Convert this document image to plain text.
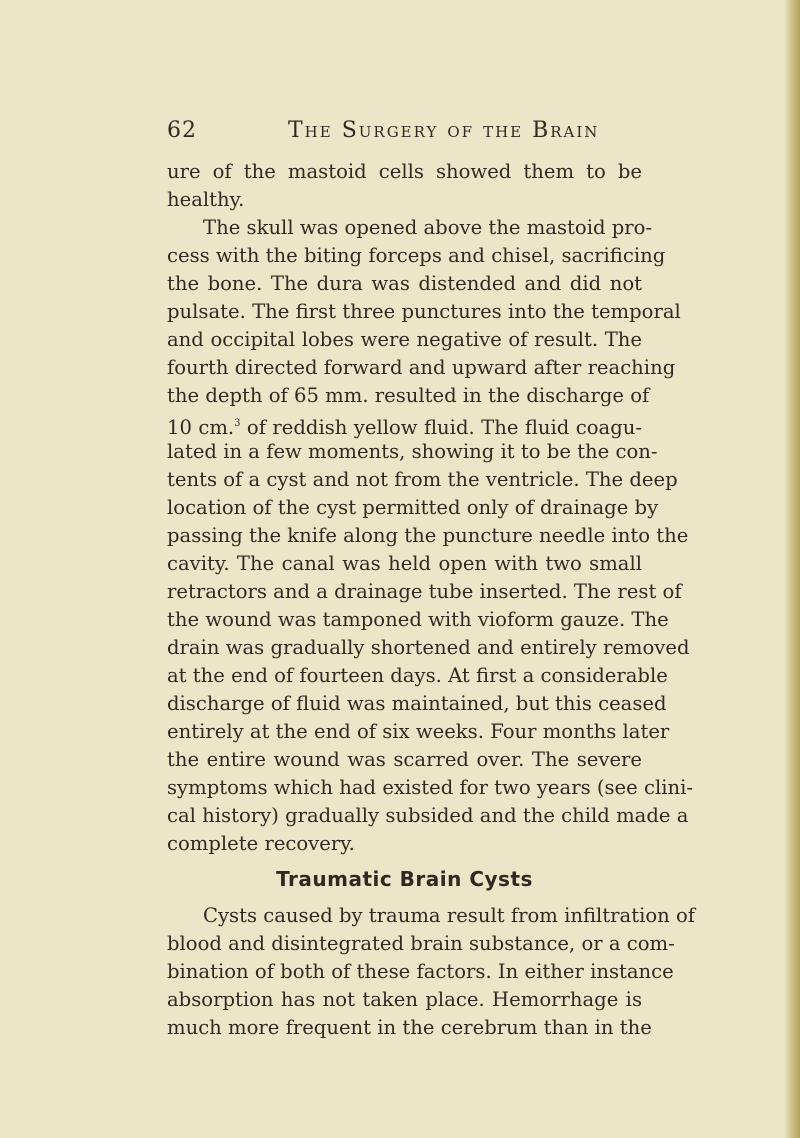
62	The Surgery of the Brain
ure of the mastoid cells showed them to be
healthy.
The skull was opened above the mastoid pro-
cess with the biting forceps and chisel, sacrificing
the bone. The dura was distended and did not
pulsate. The first three punctures into the temporal
and occipital lobes were negative of result. The
fourth directed forward and upward after reaching
the depth of 65 mm. resulted in the discharge of
10 cm.$^3$ of reddish yellow fluid. The fluid coagu-
lated in a few moments, showing it to be the con-
tents of a cyst and not from the ventricle. The deep
location of the cyst permitted only of drainage by
passing the knife along the puncture needle into the
cavity. The canal was held open with two small
retractors and a drainage tube inserted. The rest of
the wound was tamponed with vioform gauze. The
drain was gradually shortened and entirely removed
at the end of fourteen days. At first a considerable
discharge of fluid was maintained, but this ceased
entirely at the end of six weeks. Four months later
the entire wound was scarred over. The severe
symptoms which had existed for two years (see clini-
cal history) gradually subsided and the child made a
complete recovery.
Traumatic Brain Cysts
Cysts caused by trauma result from infiltration of
blood and disintegrated brain substance, or a com-
bination of both of these factors. In either instance
absorption has not taken place. Hemorrhage is
much more frequent in the cerebrum than in the
